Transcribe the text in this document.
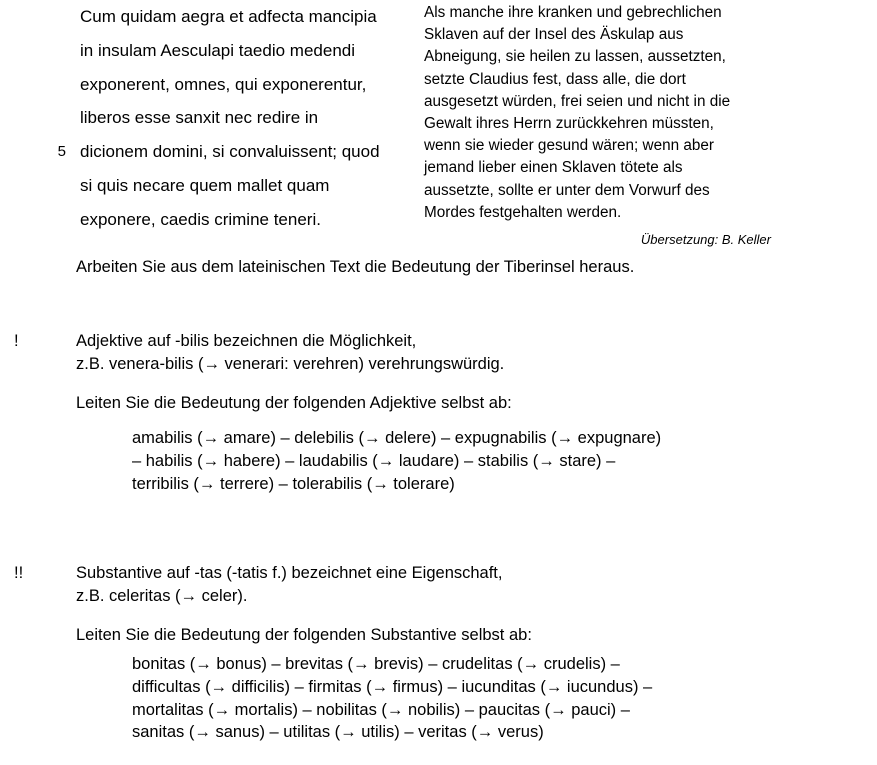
Cum quidam aegra et adfecta mancipia
in insulam Aesculapi taedio medendi
exponerent, omnes, qui exponerentur,
liberos esse sanxit nec redire in
5 dicionem domini, si convaluissent; quod
si quis necare quem mallet quam
exponere, caedis crimine teneri.
Als manche ihre kranken und gebrechlichen
Sklaven auf der Insel des Äskulap aus
Abneigung, sie heilen zu lassen, aussetzten,
setzte Claudius fest, dass alle, die dort
ausgesetzt würden, frei seien und nicht in die
Gewalt ihres Herrn zurückkehren müssten,
wenn sie wieder gesund wären; wenn aber
jemand lieber einen Sklaven tötete als
aussetzte, sollte er unter dem Vorwurf des
Mordes festgehalten werden.
Übersetzung: B. Keller
Arbeiten Sie aus dem lateinischen Text die Bedeutung der Tiberinsel heraus.
!	Adjektive auf -bilis bezeichnen die Möglichkeit,
z.B. venera-bilis (→ venerari: verehren) verehrungswürdig.
Leiten Sie die Bedeutung der folgenden Adjektive selbst ab:
amabilis (→ amare) – delebilis (→ delere) – expugnabilis (→ expugnare)
– habilis (→ habere) – laudabilis (→ laudare) – stabilis (→ stare) –
terribilis (→ terrere) – tolerabilis (→ tolerare)
!!	Substantive auf -tas (-tatis f.) bezeichnet eine Eigenschaft,
z.B. celeritas (→ celer).
Leiten Sie die Bedeutung der folgenden Substantive selbst ab:
bonitas (→ bonus) – brevitas (→ brevis) – crudelitas (→ crudelis) –
difficultas (→ difficilis) – firmitas (→ firmus) – iucunditas (→ iucundus) –
mortalitas (→ mortalis) – nobilitas (→ nobilis) – paucitas (→ pauci) –
sanitas (→ sanus) – utilitas (→ utilis) – veritas (→ verus)
